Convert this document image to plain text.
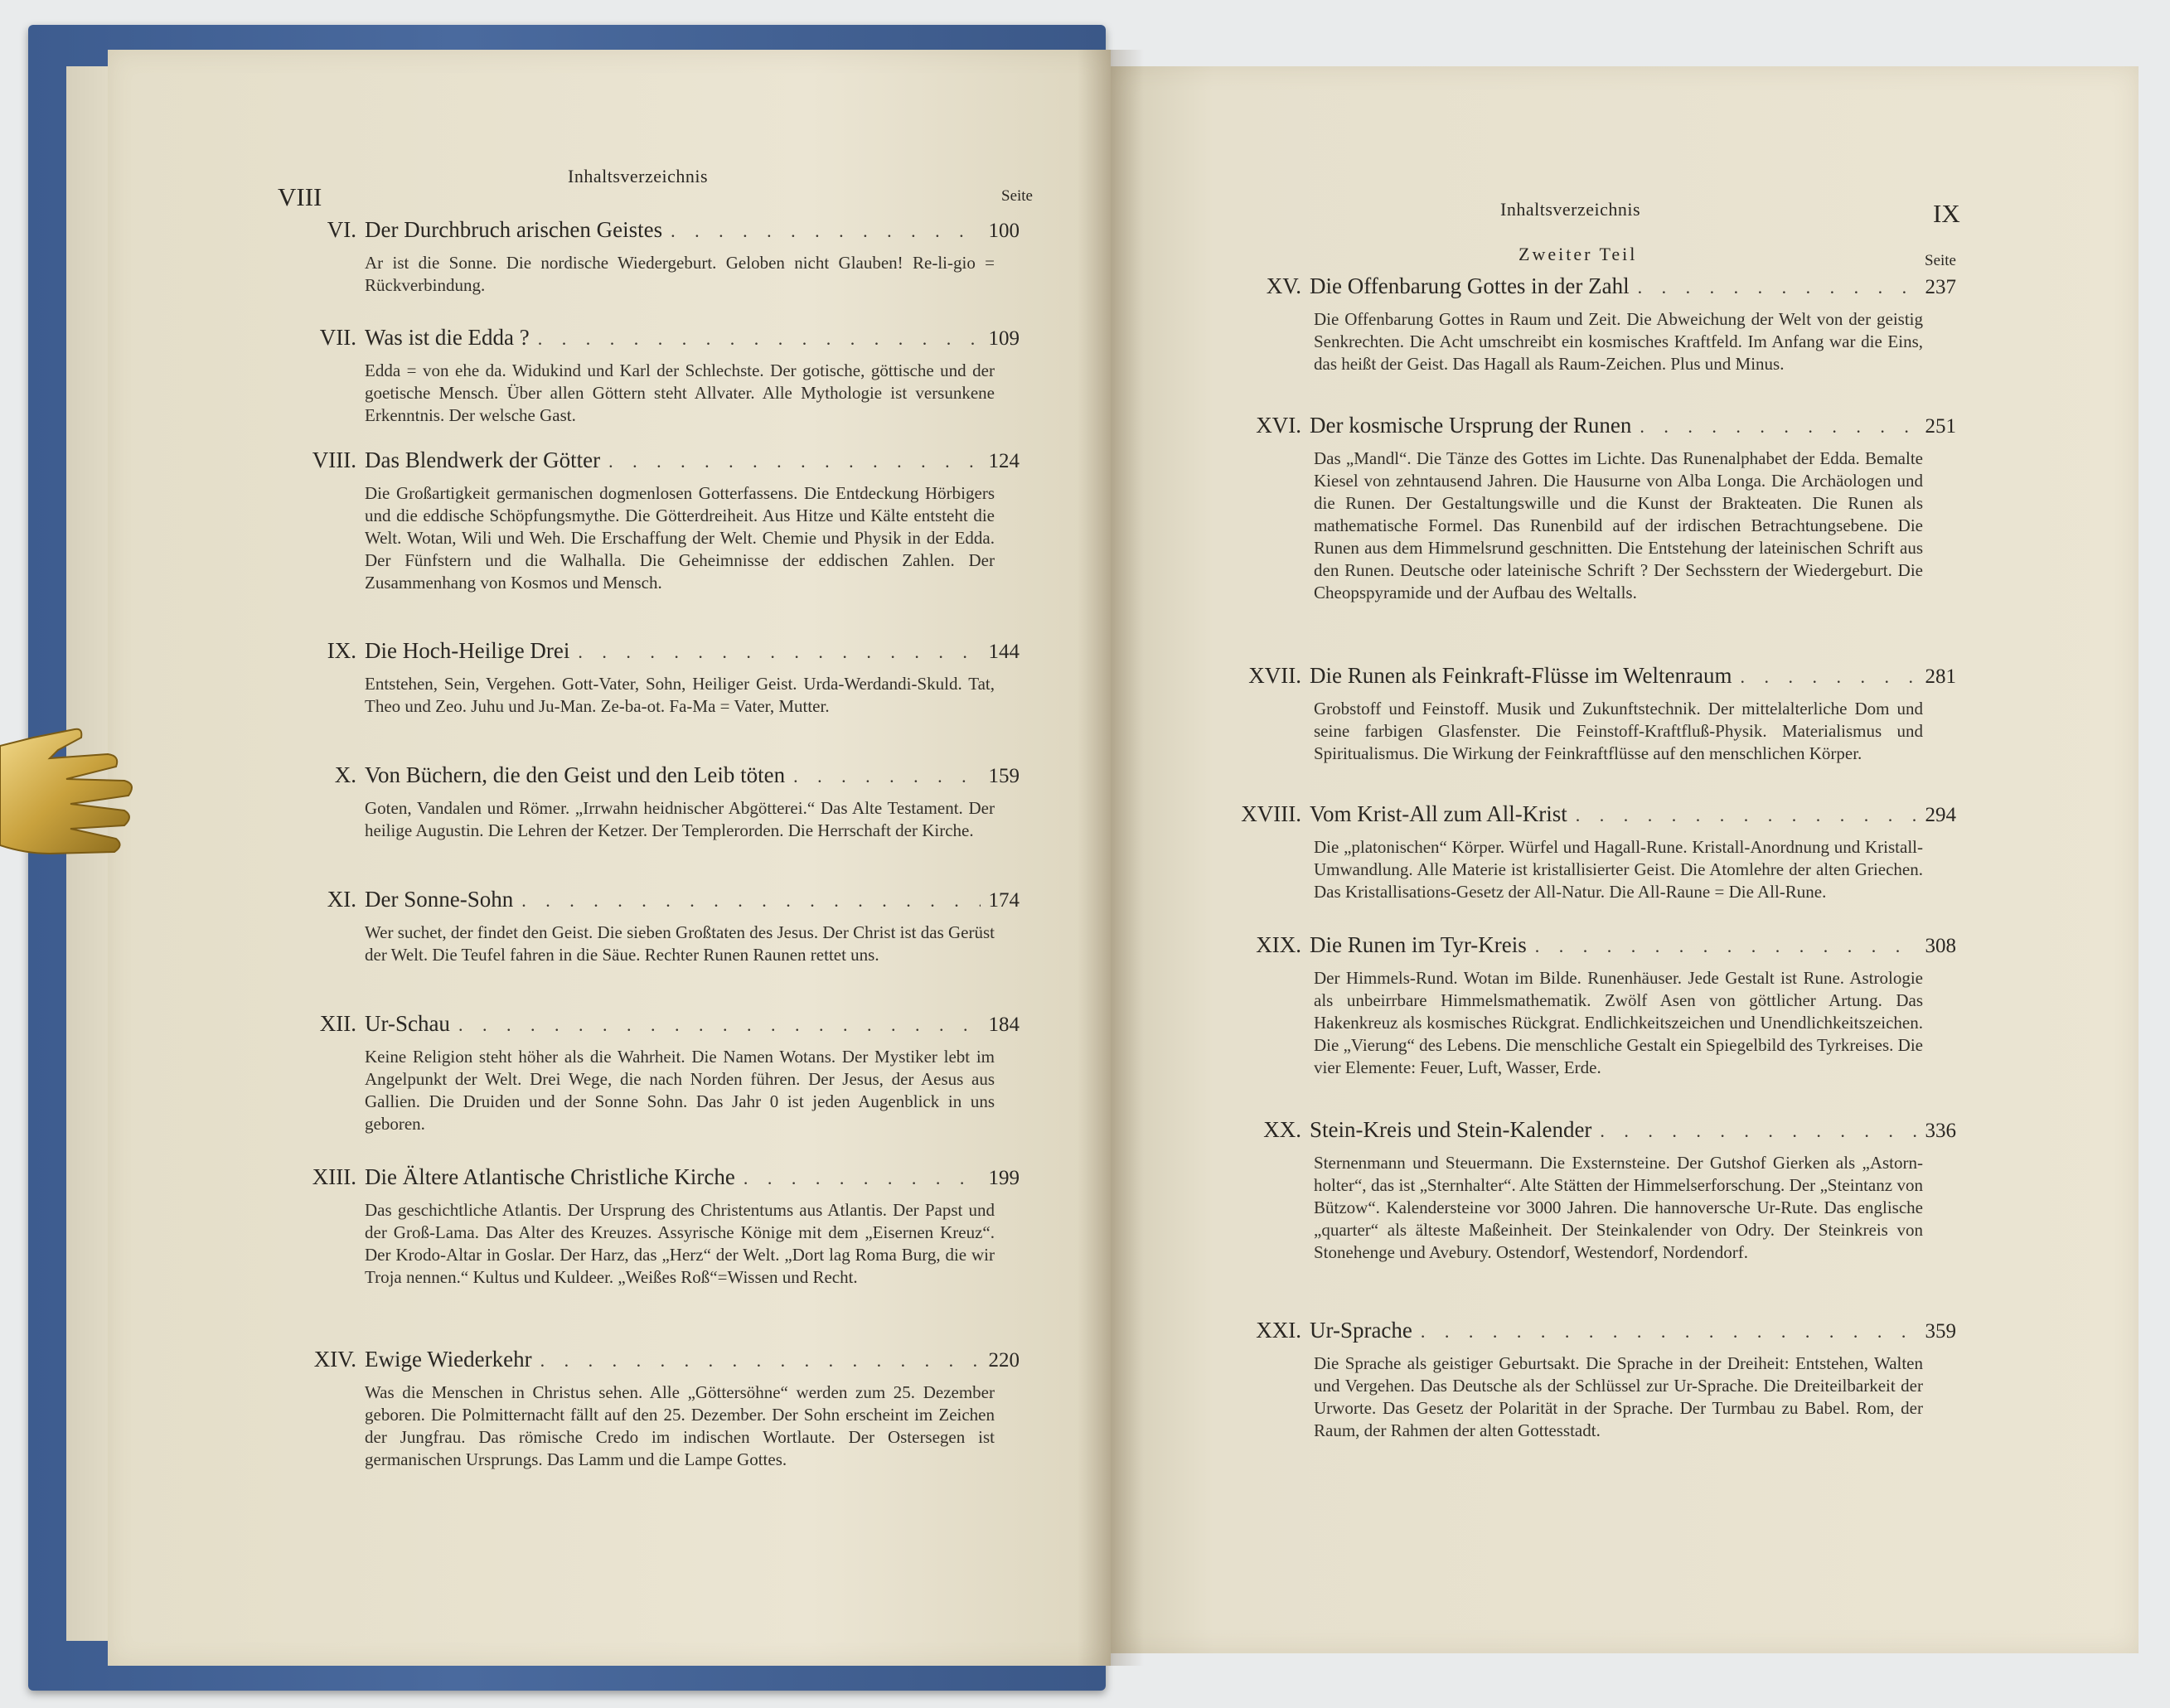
VIII
Inhaltsverzeichnis
Seite
VI. Der Durchbruch arischen Geistes . . .	100
Ar ist die Sonne. Die nordische Wiedergeburt. Geloben nicht Glauben! Re-li-gio = Rückverbindung.
VII. Was ist die Edda ? . . .	109
Edda = von ehe da. Widukind und Karl der Schlechste. Der gotische, göttische und der goetische Mensch. Über allen Göttern steht Allvater. Alle Mythologie ist versunkene Erkenntnis. Der welsche Gast.
VIII. Das Blendwerk der Götter . . .	124
Die Großartigkeit germanischen dogmenlosen Gotterfassens. Die Entdeckung Hörbigers und die eddische Schöpfungsmythe. Die Götterdreiheit. Aus Hitze und Kälte entsteht die Welt. Wotan, Wili und Weh. Die Erschaffung der Welt. Chemie und Physik in der Edda. Der Fünfstern und die Walhalla. Die Geheimnisse der eddischen Zahlen. Der Zusammenhang von Kosmos und Mensch.
IX. Die Hoch-Heilige Drei . . .	144
Entstehen, Sein, Vergehen. Gott-Vater, Sohn, Heiliger Geist. Urda-Werdandi-Skuld. Tat, Theo und Zeo. Juhu und Ju-Man. Ze-ba-ot. Fa-Ma = Vater, Mutter.
X. Von Büchern, die den Geist und den Leib töten . . .	159
Goten, Vandalen und Römer. „Irrwahn heidnischer Abgötterei.“ Das Alte Testament. Der heilige Augustin. Die Lehren der Ketzer. Der Templerorden. Die Herrschaft der Kirche.
XI. Der Sonne-Sohn . . .	174
Wer suchet, der findet den Geist. Die sieben Großtaten des Jesus. Der Christ ist das Gerüst der Welt. Die Teufel fahren in die Säue. Rechter Runen Raunen rettet uns.
XII. Ur-Schau . . .	184
Keine Religion steht höher als die Wahrheit. Die Namen Wotans. Der Mystiker lebt im Angelpunkt der Welt. Drei Wege, die nach Norden führen. Der Jesus, der Aesus aus Gallien. Die Druiden und der Sonne Sohn. Das Jahr 0 ist jeden Augenblick in uns geboren.
XIII. Die Ältere Atlantische Christliche Kirche . . .	199
Das geschichtliche Atlantis. Der Ursprung des Christentums aus Atlantis. Der Papst und der Groß-Lama. Das Alter des Kreuzes. Assyrische Könige mit dem „Eisernen Kreuz“. Der Krodo-Altar in Goslar. Der Harz, das „Herz“ der Welt. „Dort lag Roma Burg, die wir Troja nennen.“ Kultus und Kuldeer. „Weißes Roß“=Wissen und Recht.
XIV. Ewige Wiederkehr . . .	220
Was die Menschen in Christus sehen. Alle „Göttersöhne“ werden zum 25. Dezember geboren. Die Polmitternacht fällt auf den 25. Dezember. Der Sohn erscheint im Zeichen der Jungfrau. Das römische Credo im indischen Wortlaute. Der Ostersegen ist germanischen Ursprungs. Das Lamm und die Lampe Gottes.
Inhaltsverzeichnis	IX
Zweiter Teil	Seite
XV. Die Offenbarung Gottes in der Zahl . . .	237
Die Offenbarung Gottes in Raum und Zeit. Die Abweichung der Welt von der geistig Senkrechten. Die Acht umschreibt ein kosmisches Kraftfeld. Im Anfang war die Eins, das heißt der Geist. Das Hagall als Raum-Zeichen. Plus und Minus.
XVI. Der kosmische Ursprung der Runen . . .	251
Das „Mandl“. Die Tänze des Gottes im Lichte. Das Runenalphabet der Edda. Bemalte Kiesel von zehntausend Jahren. Die Hausurne von Alba Longa. Die Archäologen und die Runen. Der Gestaltungswille und die Kunst der Brakteaten. Die Runen als mathematische Formel. Das Runenbild auf der irdischen Betrachtungsebene. Die Runen aus dem Himmelsrund geschnitten. Die Entstehung der lateinischen Schrift aus den Runen. Deutsche oder lateinische Schrift ? Der Sechsstern der Wiedergeburt. Die Cheopspyramide und der Aufbau des Weltalls.
XVII. Die Runen als Feinkraft-Flüsse im Weltenraum . . .	281
Grobstoff und Feinstoff. Musik und Zukunftstechnik. Der mittelalterliche Dom und seine farbigen Glasfenster. Die Feinstoff-Kraftfluß-Physik. Materialismus und Spiritualismus. Die Wirkung der Feinkraftflüsse auf den menschlichen Körper.
XVIII. Vom Krist-All zum All-Krist . . .	294
Die „platonischen“ Körper. Würfel und Hagall-Rune. Kristall-Anordnung und Kristall-Umwandlung. Alle Materie ist kristallisierter Geist. Die Atomlehre der alten Griechen. Das Kristallisations-Gesetz der All-Natur. Die All-Raune = Die All-Rune.
XIX. Die Runen im Tyr-Kreis . . .	308
Der Himmels-Rund. Wotan im Bilde. Runenhäuser. Jede Gestalt ist Rune. Astrologie als unbeirrbare Himmelsmathematik. Zwölf Asen von göttlicher Artung. Das Hakenkreuz als kosmisches Rückgrat. Endlichkeitszeichen und Unendlichkeitszeichen. Die „Vierung“ des Lebens. Die menschliche Gestalt ein Spiegelbild des Tyrkreises. Die vier Elemente: Feuer, Luft, Wasser, Erde.
XX. Stein-Kreis und Stein-Kalender . . .	336
Sternenmann und Steuermann. Die Exsternsteine. Der Gutshof Gierken als „Astorn-holter“, das ist „Sternhalter“. Alte Stätten der Himmelserforschung. Der „Steintanz von Bützow“. Kalendersteine vor 3000 Jahren. Die hannoversche Ur-Rute. Das englische „quarter“ als älteste Maßeinheit. Der Steinkalender von Odry. Der Steinkreis von Stonehenge und Avebury. Ostendorf, Westendorf, Nordendorf.
XXI. Ur-Sprache . . .	359
Die Sprache als geistiger Geburtsakt. Die Sprache in der Dreiheit: Entstehen, Walten und Vergehen. Das Deutsche als der Schlüssel zur Ur-Sprache. Die Dreiteilbarkeit der Urworte. Das Gesetz der Polarität in der Sprache. Der Turmbau zu Babel. Rom, der Raum, der Rahmen der alten Gottesstadt.
